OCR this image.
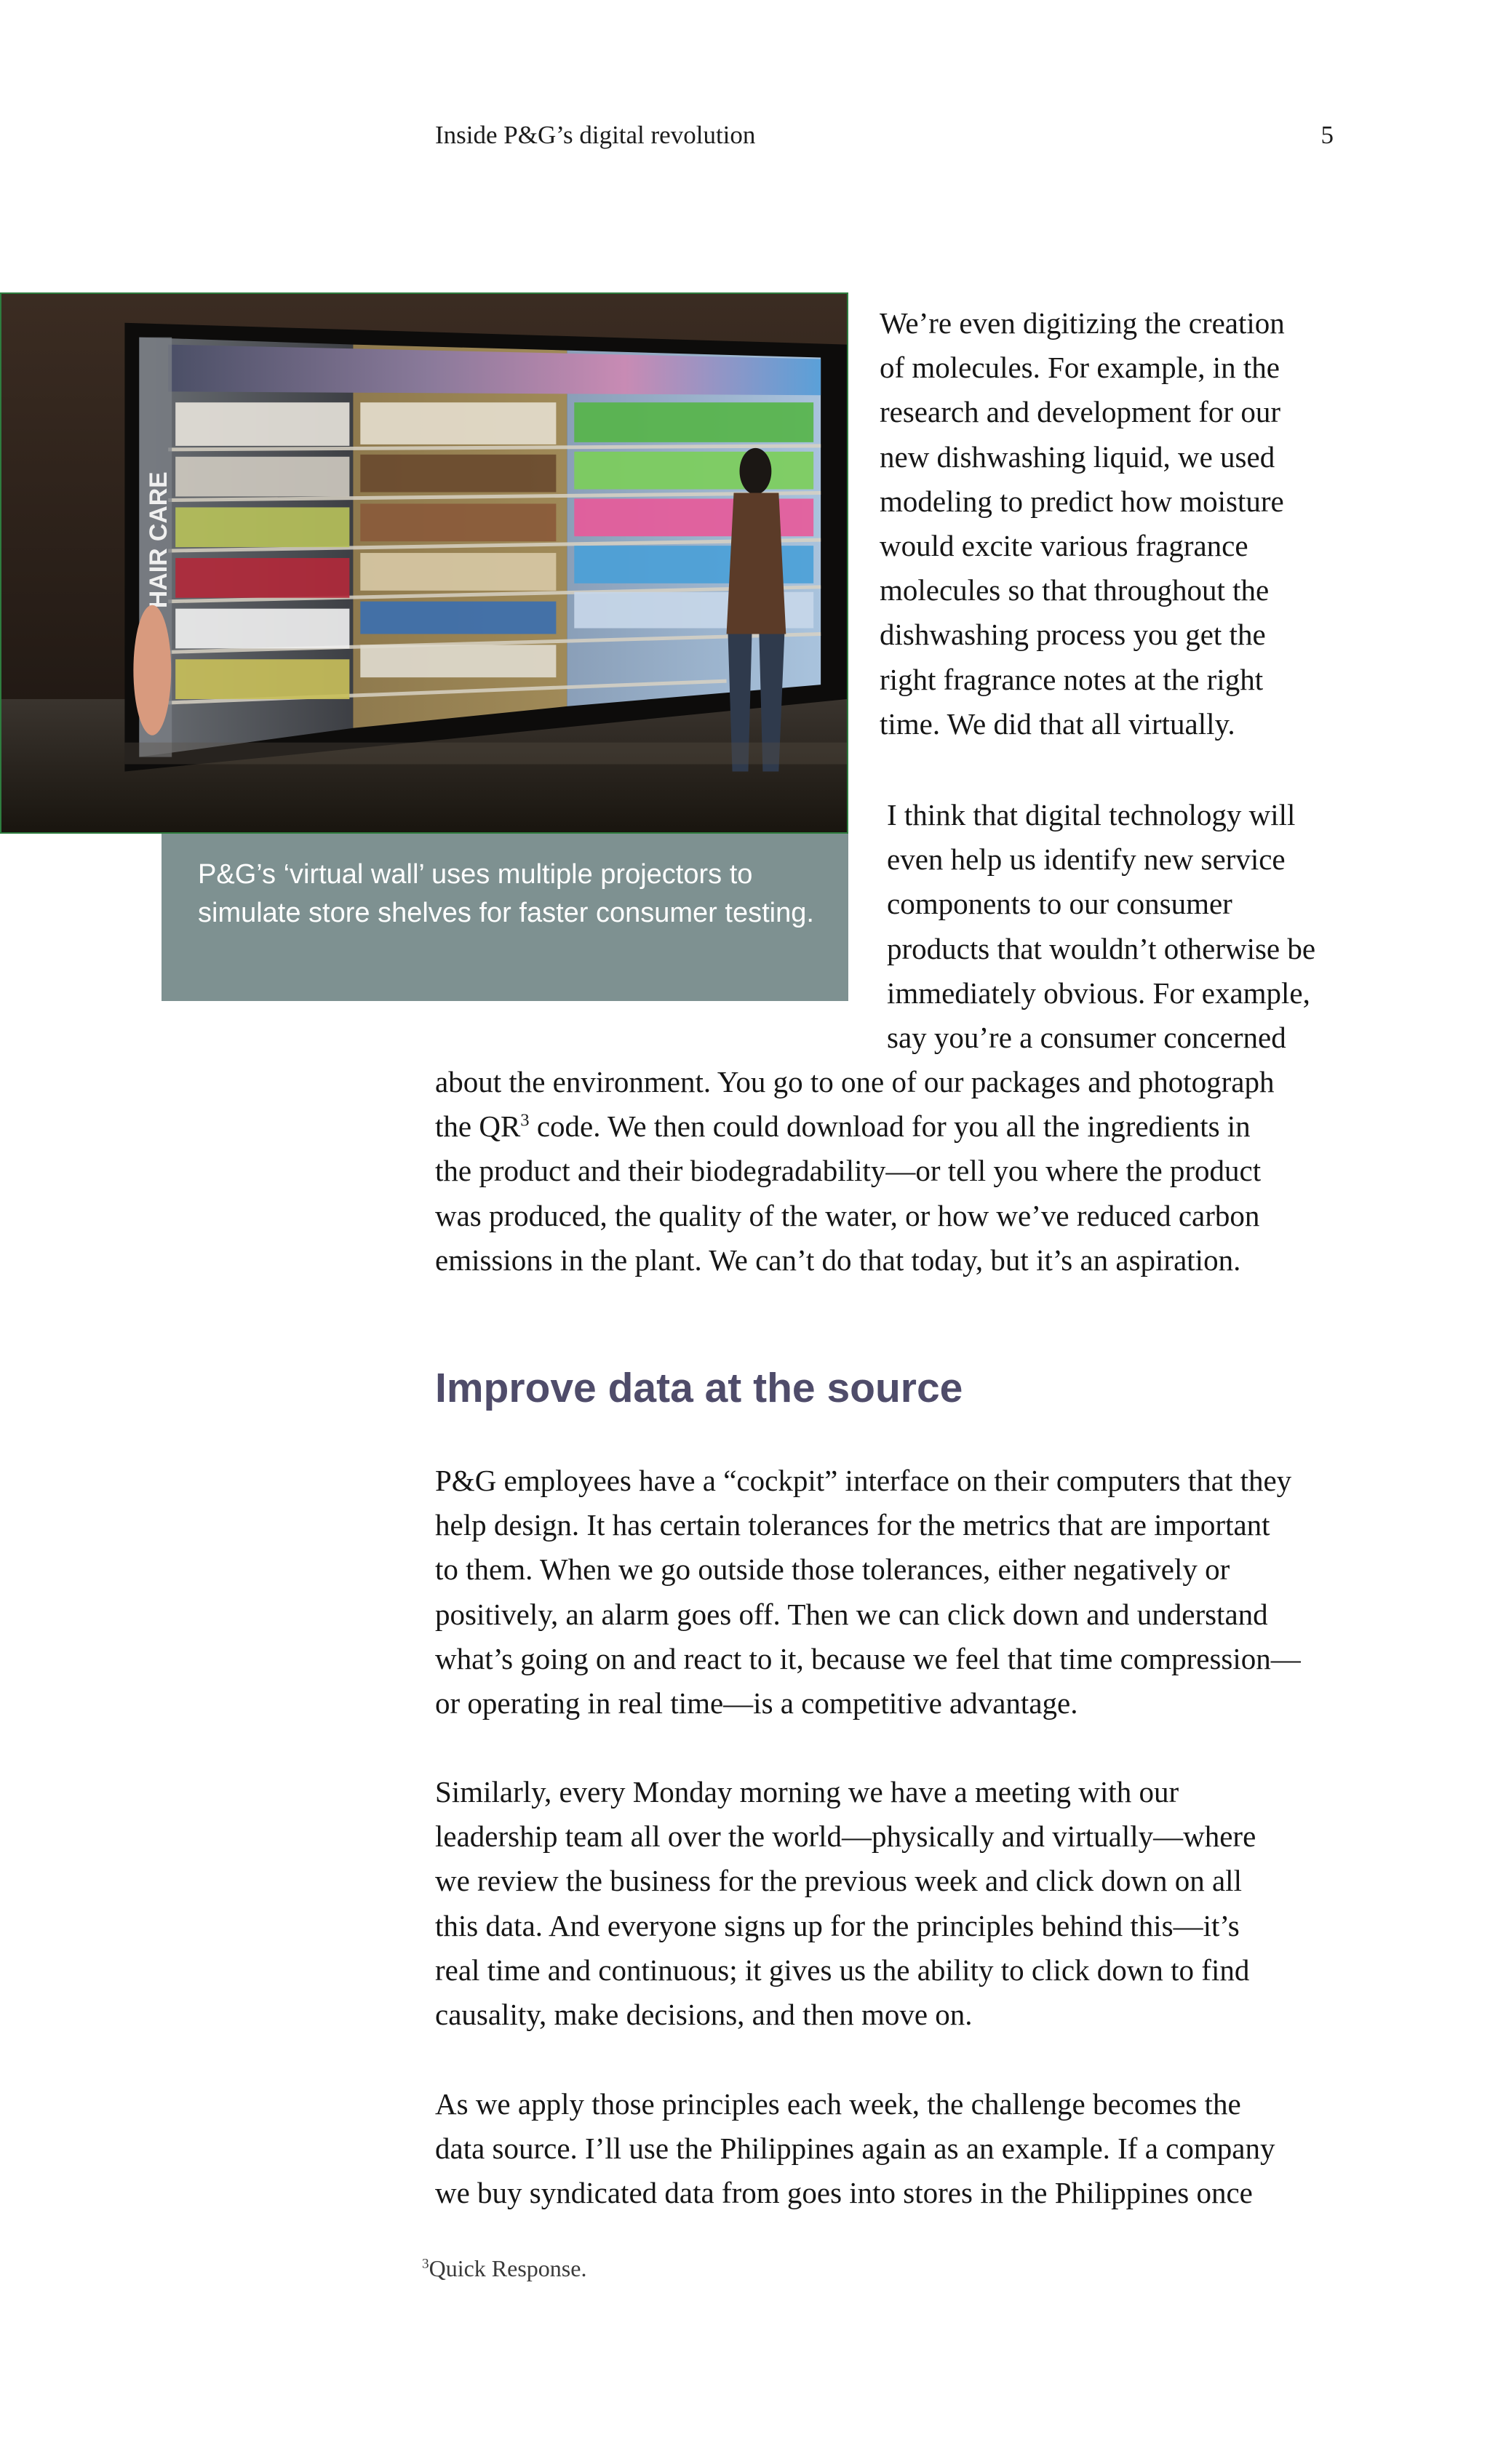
Inside P&G’s digital revolution	5
HAIR CARE
P&G’s ‘virtual wall’ uses multiple projectors to simulate store shelves for faster consumer testing.

We’re even digitizing the creation

of molecules. For example, in the

research and development for our

new dishwashing liquid, we used

modeling to predict how moisture

would excite various fragrance

molecules so that throughout the

dishwashing process you get the

right fragrance notes at the right

time. We did that all virtually.

I think that digital technology will

even help us identify new service

components to our consumer

products that wouldn’t otherwise be

immediately obvious. For example,

say you’re a consumer concerned

about the environment. You go to one of our packages and photograph

the $QR^3$ code. We then could download for you all the ingredients in

the product and their biodegradability—or tell you where the product

was produced, the quality of the water, or how we’ve reduced carbon

emissions in the plant. We can’t do that today, but it’s an aspiration.

Improve data at the source

P&G employees have a “cockpit” interface on their computers that they

help design. It has certain tolerances for the metrics that are important

to them. When we go outside those tolerances, either negatively or

positively, an alarm goes off. Then we can click down and understand

what’s going on and react to it, because we feel that time compression—

or operating in real time—is a competitive advantage.

Similarly, every Monday morning we have a meeting with our

leadership team all over the world—physically and virtually—where

we review the business for the previous week and click down on all

this data. And everyone signs up for the principles behind this—it’s

real time and continuous; it gives us the ability to click down to find

causality, make decisions, and then move on.

As we apply those principles each week, the challenge becomes the

data source. I’ll use the Philippines again as an example. If a company

we buy syndicated data from goes into stores in the Philippines once

$^3$Quick Response.
